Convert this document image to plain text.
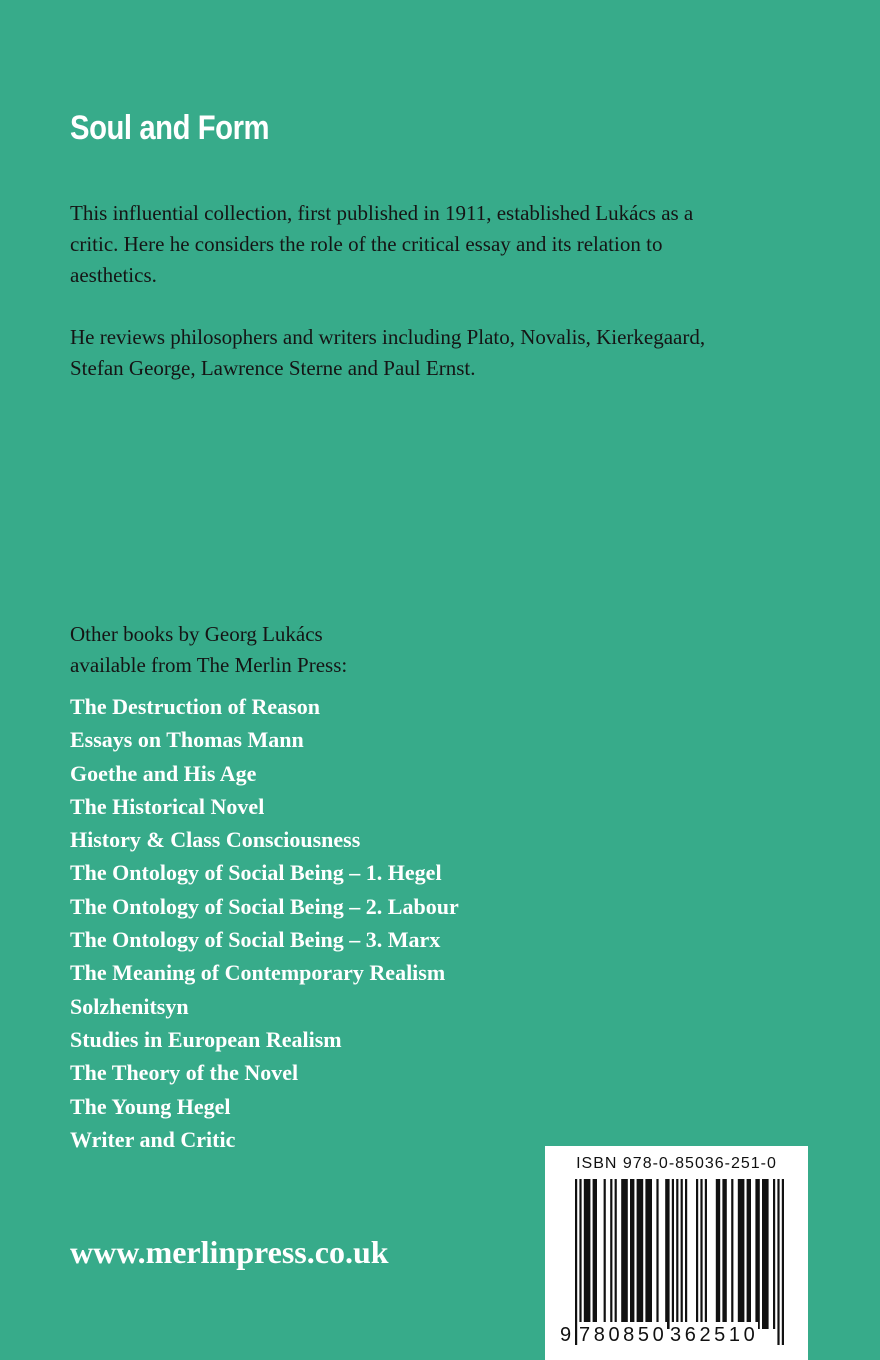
Soul and Form

This influential collection, first published in 1911, established Lukács as a critic. Here he considers the role of the critical essay and its relation to aesthetics.

He reviews philosophers and writers including Plato, Novalis, Kierkegaard, Stefan George, Lawrence Sterne and Paul Ernst.

Other books by Georg Lukács
available from The Merlin Press:
The Destruction of Reason
Essays on Thomas Mann
Goethe and His Age
The Historical Novel
History & Class Consciousness
The Ontology of Social Being – 1. Hegel
The Ontology of Social Being – 2. Labour
The Ontology of Social Being – 3. Marx
The Meaning of Contemporary Realism
Solzhenitsyn
Studies in European Realism
The Theory of the Novel
The Young Hegel
Writer and Critic
www.merlinpress.co.uk
ISBN 978-0-85036-251-0
9 780850 362510
